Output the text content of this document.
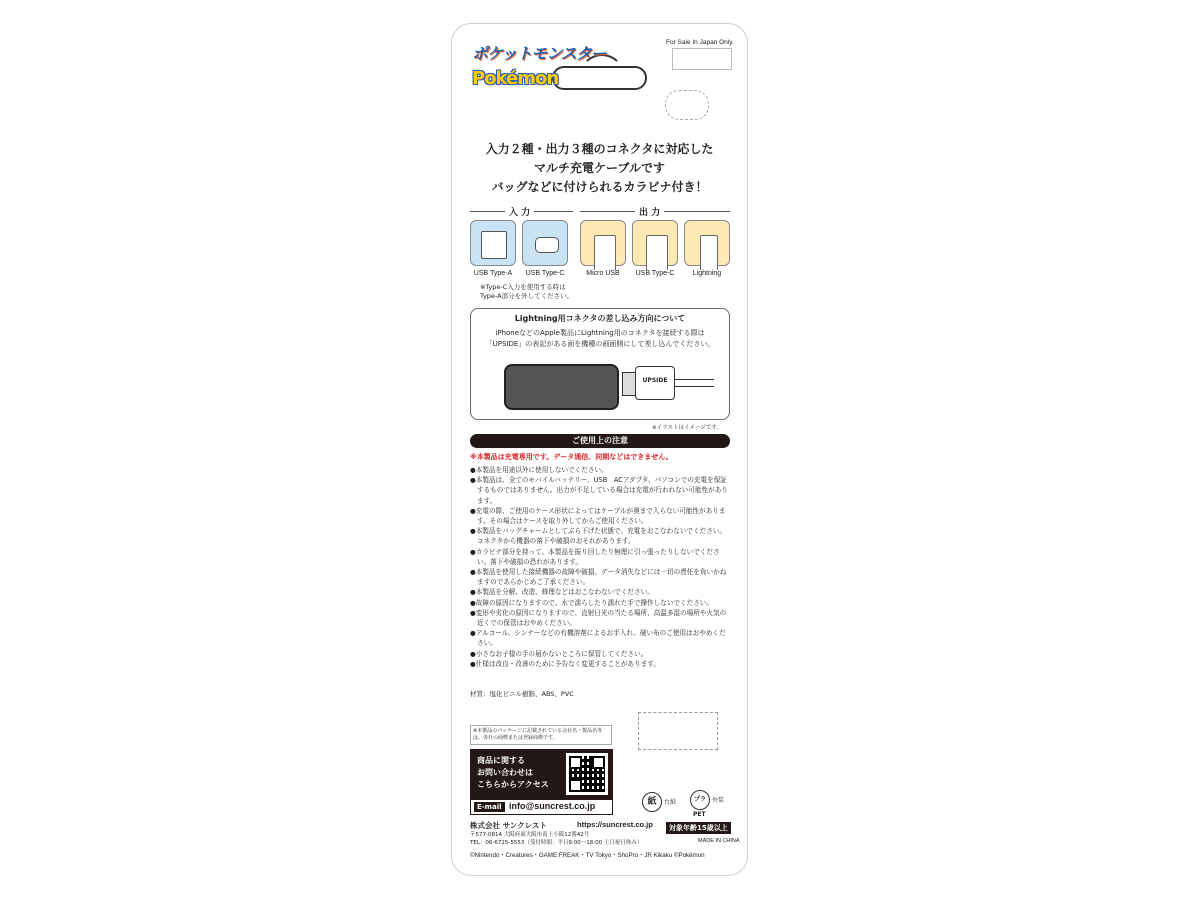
ポケットモンスター
Pokémon
For Sale In Japan Only.
入力２種・出力３種のコネクタに対応した
マルチ充電ケーブルです
バッグなどに付けられるカラビナ付き！
入 力	出 力
USB Type-A	USB Type-C	Micro USB	USB Type-C	Lightning
※Type-C入力を使用する時は
Type-A部分を外してください。
Lightning用コネクタの差し込み方向について
iPhoneなどのApple製品にLightning用のコネクタを接続する際は
「UPSIDE」の表記がある面を機種の画面側にして差し込んでください。
UPSIDE
※イラストはイメージです。
ご使用上の注意
※本製品は充電専用です。データ通信、同期などはできません。
●本製品を用途以外に使用しないでください。
●本製品は、全てのモバイルバッテリー、USB　ACアダプタ、パソコンでの充電を保証するものではありません。出力が不足している場合は充電が行われない可能性があります。
●充電の際、ご使用のケース形状によってはケーブルが奥まで入らない可能性があります。その場合はケースを取り外してからご使用ください。
●本製品をバッグチャームとしてぶら下げた状態で、充電をおこなわないでください。コネクタから機器の落下や破損のおそれがあります。
●カラビナ部分を持って、本製品を振り回したり無理に引っ張ったりしないでください。落下や破損の恐れがあります。
●本製品を使用した接続機器の故障や破損、データ消失などには一切の責任を負いかねますのであらかじめご了承ください。
●本製品を分解、改造、修理などはおこなわないでください。
●故障の原因になりますので、水で濡らしたり濡れた手で操作しないでください。
●変形や劣化の原因になりますので、直射日光の当たる場所、高温多湿の場所や火気の近くでの保管はおやめください。
●アルコール、シンナーなどの有機溶剤によるお手入れ、硬い布のご使用はおやめください。
●小さなお子様の手の届かないところに保管してください。
●仕様は改良・改善のために予告なく変更することがあります。
材質：塩化ビニル樹脂、ABS、PVC
※本製品のパッケージに記載されている会社名・製品名等は、各社の商標または登録商標です。
商品に関する
お問い合わせは
こちらからアクセス
E-mail info@suncrest.co.jp	紙	台紙	プラ	外装
PET
株式会社 サンクレスト	https://suncrest.co.jp
〒577-0814 大阪府東大阪市南上小阪12番42号
TEL：06-6725-5553（受付時間：平日9:00〜18:00 土日祝日休み）
対象年齢15歳以上
MADE IN CHINA
©Nintendo・Creatures・GAME FREAK・TV Tokyo・ShoPro・JR Kikaku ©Pokémon
